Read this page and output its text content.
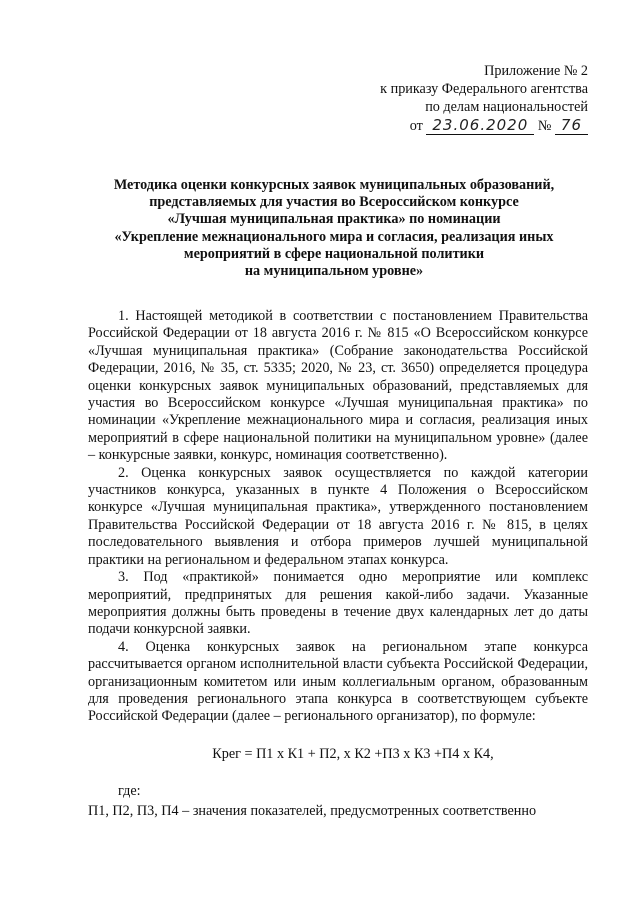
Приложение № 2
к приказу Федерального агентства
по делам национальностей
от 23.06.2020 № 76
Методика оценки конкурсных заявок муниципальных образований,
представляемых для участия во Всероссийском конкурсе
«Лучшая муниципальная практика» по номинации
«Укрепление межнационального мира и согласия, реализация иных
мероприятий в сфере национальной политики
на муниципальном уровне»

1. Настоящей методикой в соответствии с постановлением Правительства Российской Федерации от 18 августа 2016 г. № 815 «О Всероссийском конкурсе «Лучшая муниципальная практика» (Собрание законодательства Российской Федерации, 2016, № 35, ст. 5335; 2020, № 23, ст. 3650) определяется процедура оценки конкурсных заявок муниципальных образований, представляемых для участия во Всероссийском конкурсе «Лучшая муниципальная практика» по номинации «Укрепление межнационального мира и согласия, реализация иных мероприятий в сфере национальной политики на муниципальном уровне» (далее – конкурсные заявки, конкурс, номинация соответственно).

2. Оценка конкурсных заявок осуществляется по каждой категории участников конкурса, указанных в пункте 4 Положения о Всероссийском конкурсе «Лучшая муниципальная практика», утвержденного постановлением Правительства Российской Федерации от 18 августа 2016 г. № 815, в целях последовательного выявления и отбора примеров лучшей муниципальной практики на региональном и федеральном этапах конкурса.

3. Под «практикой» понимается одно мероприятие или комплекс мероприятий, предпринятых для решения какой-либо задачи. Указанные мероприятия должны быть проведены в течение двух календарных лет до даты подачи конкурсной заявки.

4. Оценка конкурсных заявок на региональном этапе конкурса рассчитывается органом исполнительной власти субъекта Российской Федерации, организационным комитетом или иным коллегиальным органом, образованным для проведения регионального этапа конкурса в соответствующем субъекте Российской Федерации (далее – регионального организатор), по формуле:

Крег = П1 х К1 + П2, х К2 +П3 х К3 +П4 х К4,

где:

П1, П2, П3, П4 – значения показателей, предусмотренных соответственно
